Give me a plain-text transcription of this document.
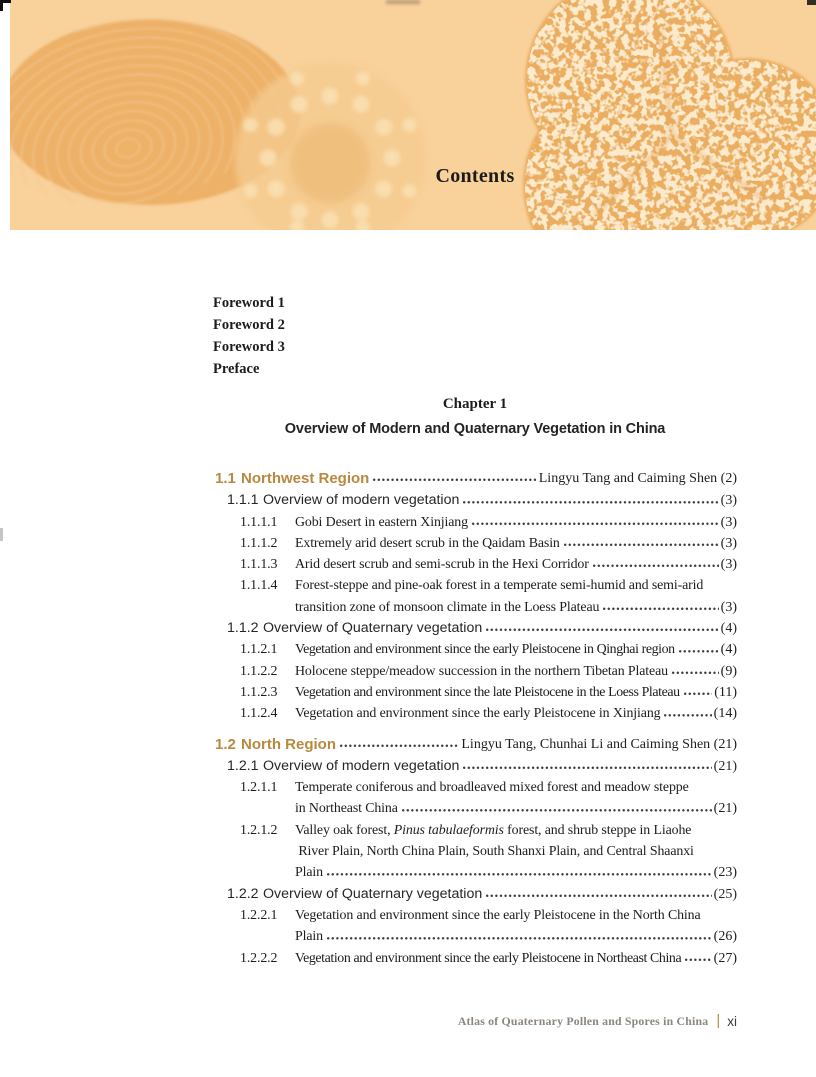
Contents
Foreword 1
Foreword 2
Foreword 3
Preface
Chapter 1
Overview of Modern and Quaternary Vegetation in China
1.1 Northwest Region	Lingyu Tang and Caiming Shen (2)
1.1.1 Overview of modern vegetation	(3)
1.1.1.1	Gobi Desert in eastern Xinjiang	(3)
1.1.1.2	Extremely arid desert scrub in the Qaidam Basin	(3)
1.1.1.3	Arid desert scrub and semi-scrub in the Hexi Corridor	(3)
1.1.1.4	Forest-steppe and pine-oak forest in a temperate semi-humid and semi-arid
transition zone of monsoon climate in the Loess Plateau	(3)
1.1.2 Overview of Quaternary vegetation	(4)
1.1.2.1	Vegetation and environment since the early Pleistocene in Qinghai region	(4)
1.1.2.2	Holocene steppe/meadow succession in the northern Tibetan Plateau	(9)
1.1.2.3	Vegetation and environment since the late Pleistocene in the Loess Plateau (11)
1.1.2.4	Vegetation and environment since the early Pleistocene in Xinjiang	(14)
1.2 North Region	Lingyu Tang, Chunhai Li and Caiming Shen (21)
1.2.1 Overview of modern vegetation	(21)
1.2.1.1	Temperate coniferous and broadleaved mixed forest and meadow steppe
in Northeast China	(21)
1.2.1.2	Valley oak forest, Pinus tabulaeformis forest, and shrub steppe in Liaohe
River Plain, North China Plain, South Shanxi Plain, and Central Shaanxi
Plain	(23)
1.2.2 Overview of Quaternary vegetation	(25)
1.2.2.1	Vegetation and environment since the early Pleistocene in the North China
Plain	(26)
1.2.2.2	Vegetation and environment since the early Pleistocene in Northeast China (27)
Atlas of Quaternary Pollen and Spores in China | xi
